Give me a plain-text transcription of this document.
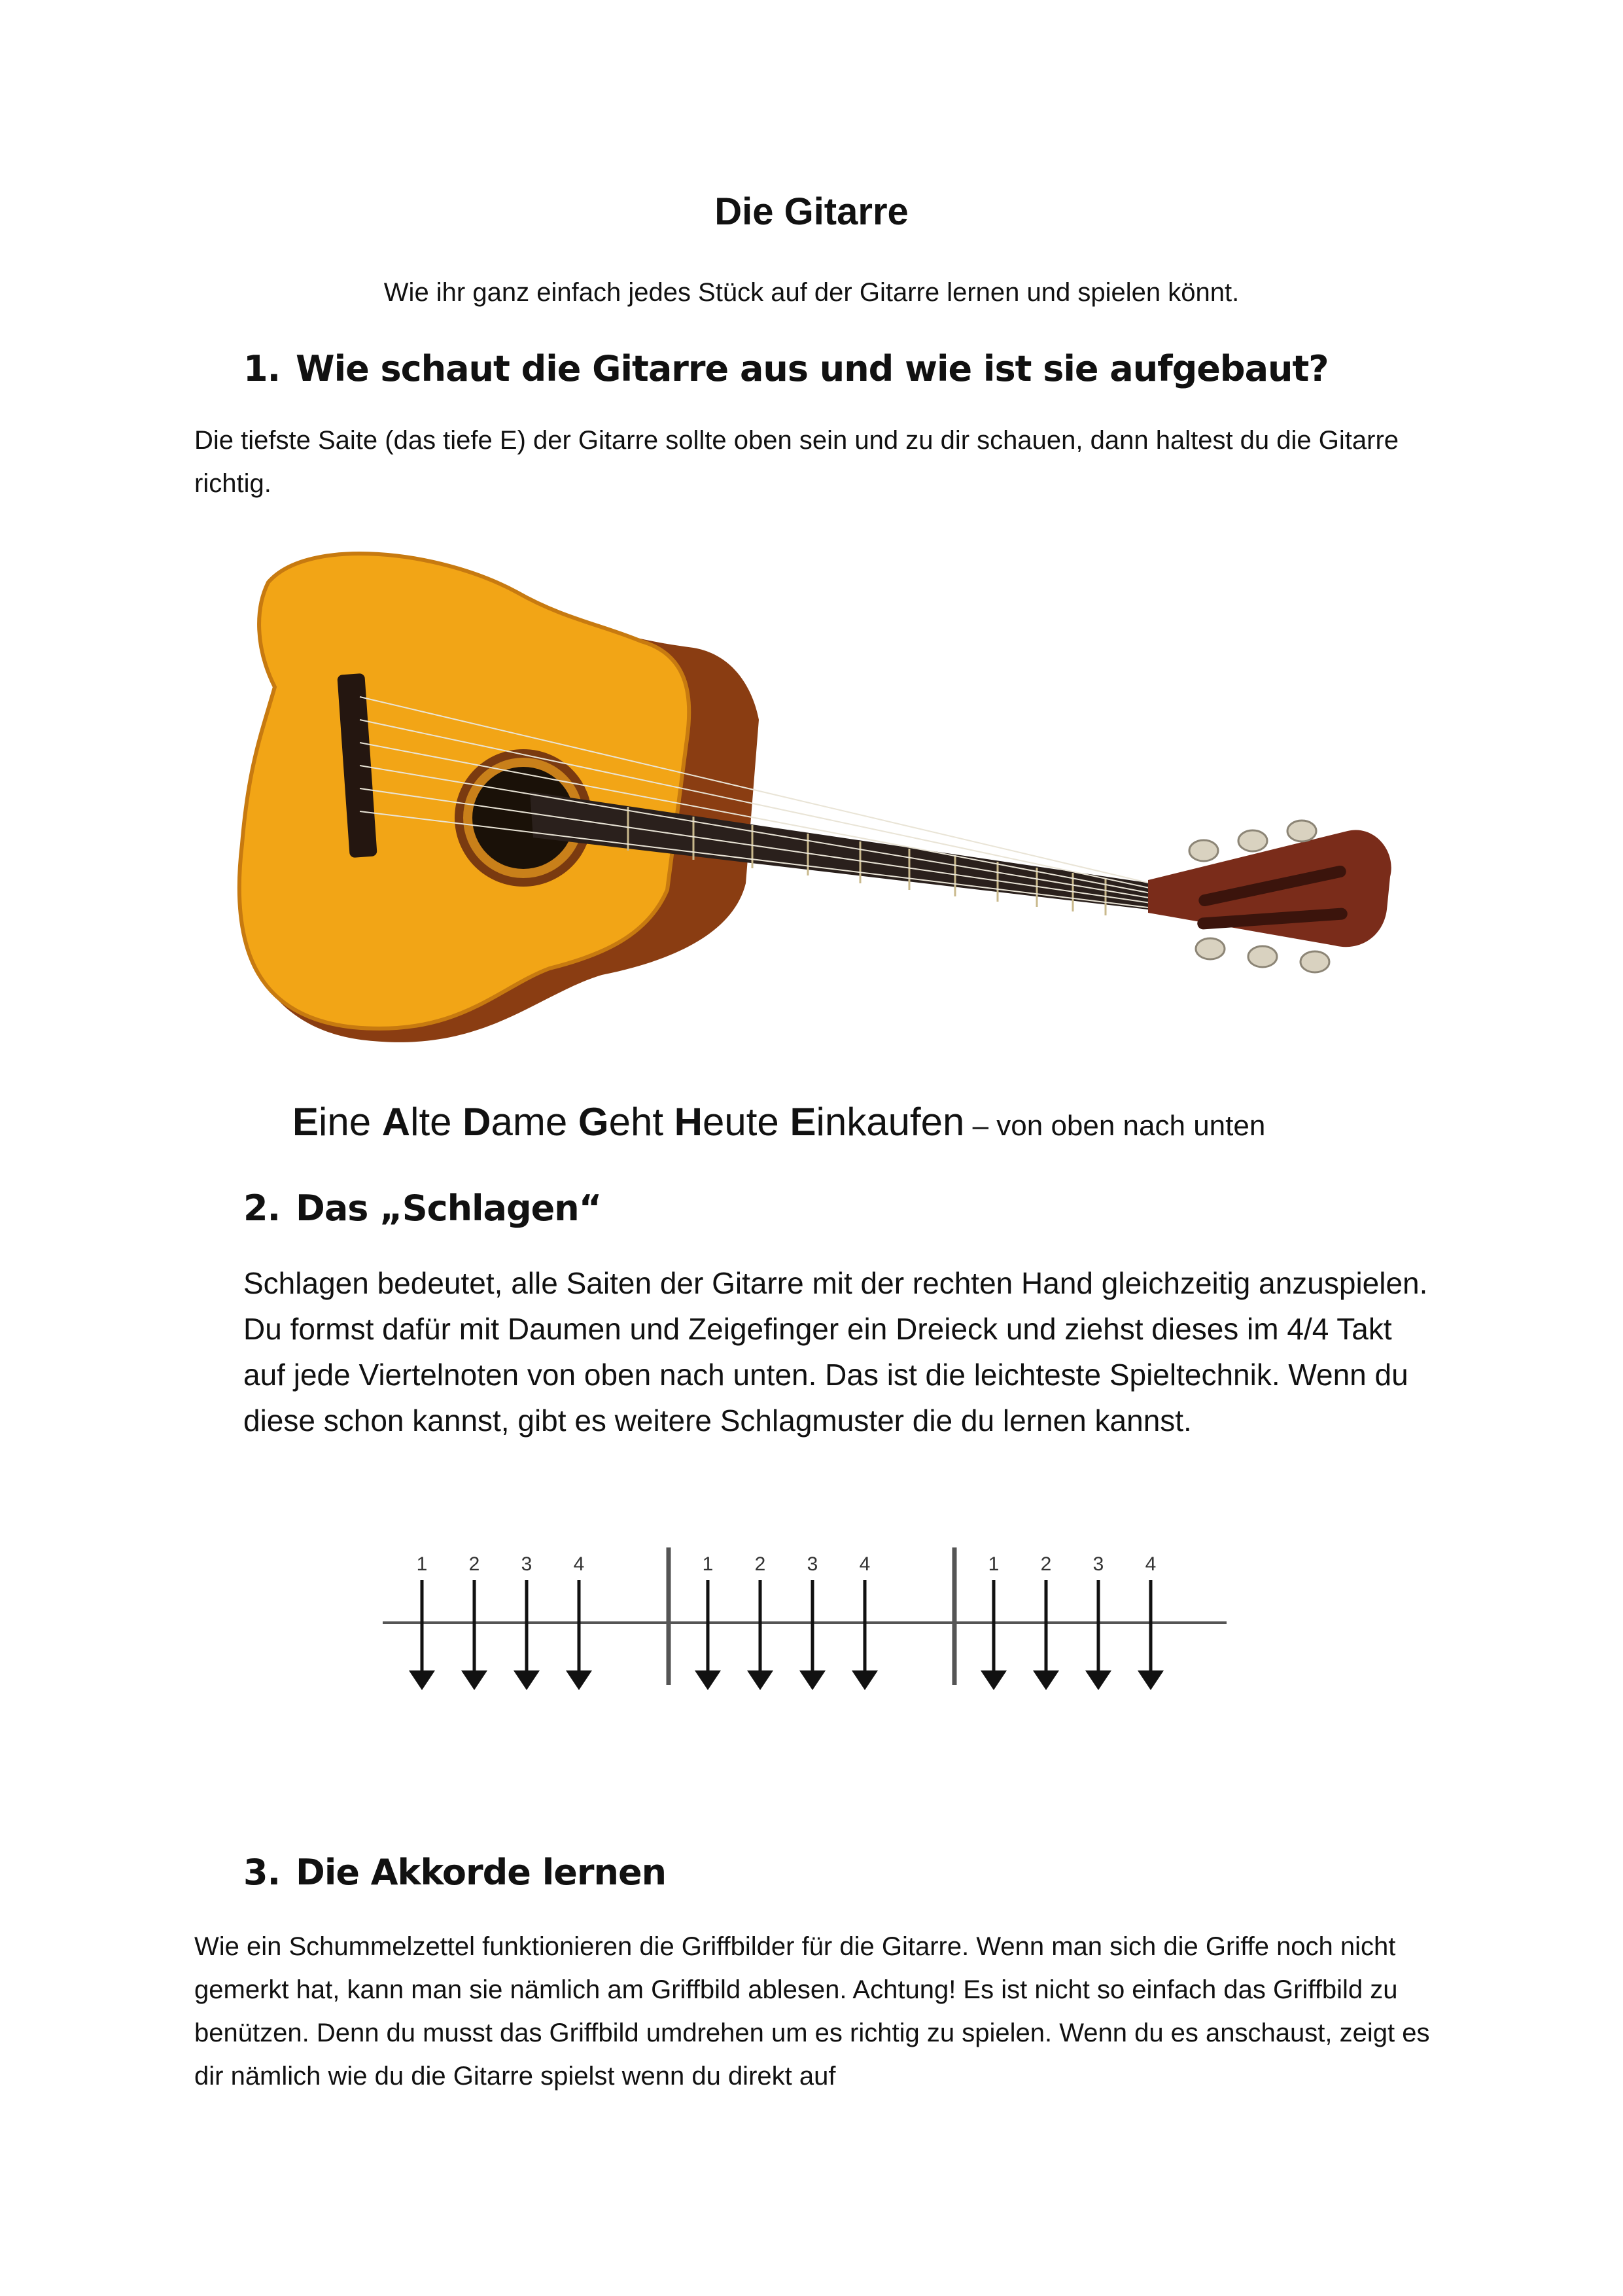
Die Gitarre
Wie ihr ganz einfach jedes Stück auf der Gitarre lernen und spielen könnt.
1. Wie schaut die Gitarre aus und wie ist sie aufgebaut?
Die tiefste Saite (das tiefe E) der Gitarre sollte oben sein und zu dir schauen, dann haltest du die Gitarre richtig.
Eine Alte Dame Geht Heute Einkaufen – von oben nach unten
2. Das „Schlagen“
Schlagen bedeutet, alle Saiten der Gitarre mit der rechten Hand gleichzeitig anzuspielen. Du formst dafür mit Daumen und Zeigefinger ein Dreieck und ziehst dieses im 4/4 Takt auf jede Viertelnoten von oben nach unten. Das ist die leichteste Spieltechnik. Wenn du diese schon kannst, gibt es weitere Schlagmuster die du lernen kannst.
1 2 3 4	1 2 3 4	1 2 3 4
3. Die Akkorde lernen
Wie ein Schummelzettel funktionieren die Griffbilder für die Gitarre. Wenn man sich die Griffe noch nicht gemerkt hat, kann man sie nämlich am Griffbild ablesen. Achtung! Es ist nicht so einfach das Griffbild zu benützen. Denn du musst das Griffbild umdrehen um es richtig zu spielen. Wenn du es anschaust, zeigt es dir nämlich wie du die Gitarre spielst wenn du direkt auf
